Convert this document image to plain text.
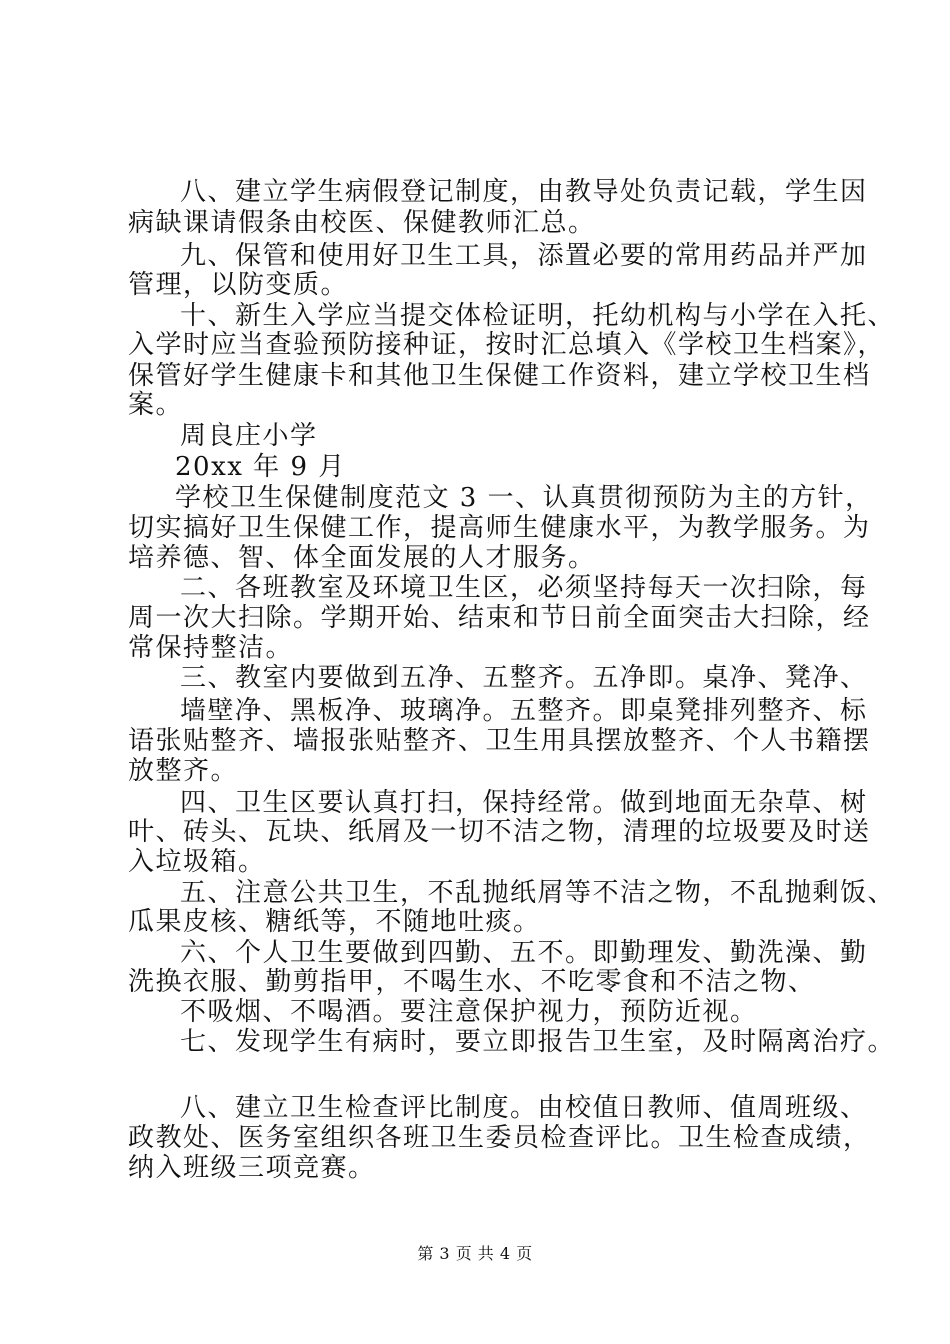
八、建立学生病假登记制度，由教导处负责记载，学生因
病缺课请假条由校医、保健教师汇总。
九、保管和使用好卫生工具，添置必要的常用药品并严加
管理，以防变质。
十、新生入学应当提交体检证明，托幼机构与小学在入托、
入学时应当查验预防接种证，按时汇总填入《学校卫生档案》，
保管好学生健康卡和其他卫生保健工作资料，建立学校卫生档
案。
周良庄小学
20xx 年 9 月
学校卫生保健制度范文 3 一、认真贯彻预防为主的方针，
切实搞好卫生保健工作，提高师生健康水平，为教学服务。为
培养德、智、体全面发展的人才服务。
二、各班教室及环境卫生区，必须坚持每天一次扫除，每
周一次大扫除。学期开始、结束和节日前全面突击大扫除，经
常保持整洁。
三、教室内要做到五净、五整齐。五净即。桌净、凳净、
墙壁净、黑板净、玻璃净。五整齐。即桌凳排列整齐、标
语张贴整齐、墙报张贴整齐、卫生用具摆放整齐、个人书籍摆
放整齐。
四、卫生区要认真打扫，保持经常。做到地面无杂草、树
叶、砖头、瓦块、纸屑及一切不洁之物，清理的垃圾要及时送
入垃圾箱。
五、注意公共卫生，不乱抛纸屑等不洁之物，不乱抛剩饭、
瓜果皮核、糖纸等，不随地吐痰。
六、个人卫生要做到四勤、五不。即勤理发、勤洗澡、勤
洗换衣服、勤剪指甲，不喝生水、不吃零食和不洁之物、
不吸烟、不喝酒。要注意保护视力，预防近视。
七、发现学生有病时，要立即报告卫生室，及时隔离治疗。
八、建立卫生检查评比制度。由校值日教师、值周班级、
政教处、医务室组织各班卫生委员检查评比。卫生检查成绩，
纳入班级三项竞赛。
第 3 页 共 4 页
